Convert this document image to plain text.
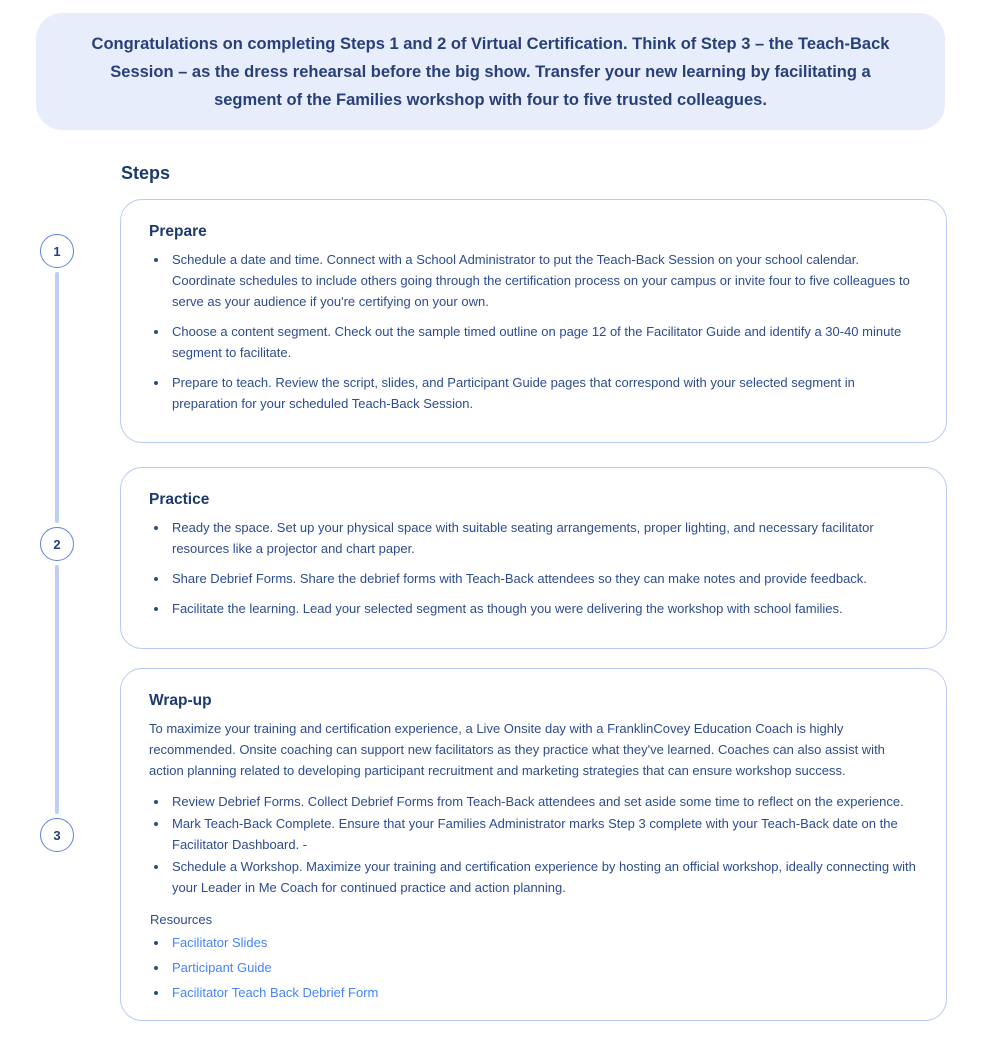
Congratulations on completing Steps 1 and 2 of Virtual Certification. Think of Step 3 – the Teach-Back Session – as the dress rehearsal before the big show. Transfer your new learning by facilitating a segment of the Families workshop with four to five trusted colleagues.
Steps
1
2
3
Prepare
• Schedule a date and time. Connect with a School Administrator to put the Teach-Back Session on your school calendar. Coordinate schedules to include others going through the certification process on your campus or invite four to five colleagues to serve as your audience if you're certifying on your own.
• Choose a content segment. Check out the sample timed outline on page 12 of the Facilitator Guide and identify a 30-40 minute segment to facilitate.
• Prepare to teach. Review the script, slides, and Participant Guide pages that correspond with your selected segment in preparation for your scheduled Teach-Back Session.
Practice
• Ready the space. Set up your physical space with suitable seating arrangements, proper lighting, and necessary facilitator resources like a projector and chart paper.
• Share Debrief Forms. Share the debrief forms with Teach-Back attendees so they can make notes and provide feedback.
• Facilitate the learning. Lead your selected segment as though you were delivering the workshop with school families.
Wrap-up

To maximize your training and certification experience, a Live Onsite day with a FranklinCovey Education Coach is highly recommended. Onsite coaching can support new facilitators as they practice what they've learned. Coaches can also assist with action planning related to developing participant recruitment and marketing strategies that can ensure workshop success.

• Review Debrief Forms. Collect Debrief Forms from Teach-Back attendees and set aside some time to reflect on the experience.
• Mark Teach-Back Complete. Ensure that your Families Administrator marks Step 3 complete with your Teach-Back date on the Facilitator Dashboard. -
• Schedule a Workshop. Maximize your training and certification experience by hosting an official workshop, ideally connecting with your Leader in Me Coach for continued practice and action planning.
Resources
• Facilitator Slides
• Participant Guide
• Facilitator Teach Back Debrief Form
